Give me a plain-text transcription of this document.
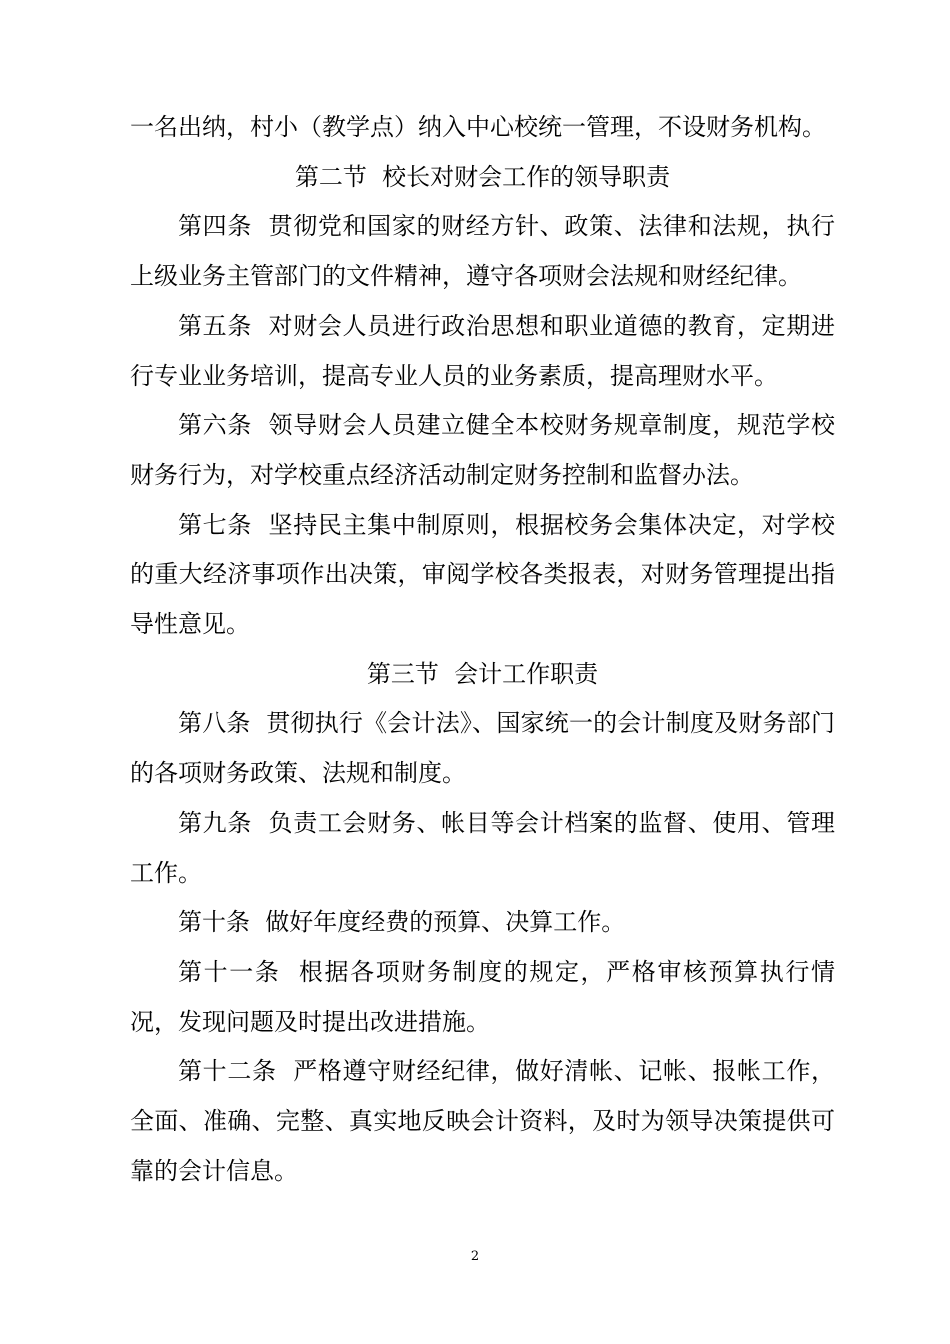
一名出纳，村小（教学点）纳入中心校统一管理，不设财务机构。

第二节  校长对财会工作的领导职责

第四条  贯彻党和国家的财经方针、政策、法律和法规，执行上级业务主管部门的文件精神，遵守各项财会法规和财经纪律。

第五条  对财会人员进行政治思想和职业道德的教育，定期进行专业业务培训，提高专业人员的业务素质，提高理财水平。

第六条  领导财会人员建立健全本校财务规章制度，规范学校财务行为，对学校重点经济活动制定财务控制和监督办法。

第七条  坚持民主集中制原则，根据校务会集体决定，对学校的重大经济事项作出决策，审阅学校各类报表，对财务管理提出指导性意见。

第三节  会计工作职责

第八条  贯彻执行《会计法》、国家统一的会计制度及财务部门的各项财务政策、法规和制度。

第九条  负责工会财务、帐目等会计档案的监督、使用、管理工作。

第十条  做好年度经费的预算、决算工作。

第十一条  根据各项财务制度的规定，严格审核预算执行情况，发现问题及时提出改进措施。

第十二条  严格遵守财经纪律，做好清帐、记帐、报帐工作，全面、准确、完整、真实地反映会计资料，及时为领导决策提供可靠的会计信息。

2
